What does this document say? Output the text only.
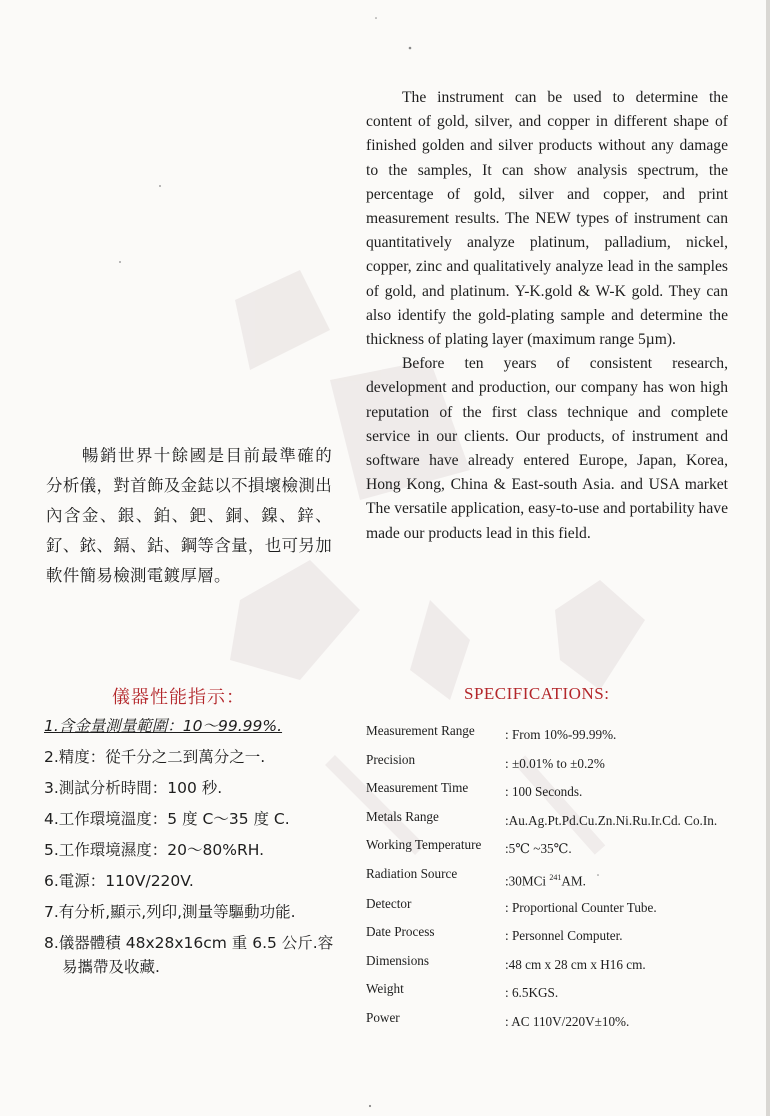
The instrument can be used to determine the content of gold, silver, and copper in different shape of finished golden and silver products without any damage to the samples, It can show analysis spectrum, the percentage of gold, silver and copper, and print measurement results. The NEW types of instrument can quantitatively analyze platinum, palladium, nickel, copper, zinc and qualitatively analyze lead in the samples of gold, and platinum. Y-K.gold & W-K gold. They can also identify the gold-plating sample and determine the thickness of plating layer (maximum range 5µm).

Before ten years of consistent research, development and production, our company has won high reputation of the first class technique and complete service in our clients. Our products, of instrument and software have already entered Europe, Japan, Korea, Hong Kong, China & East-south Asia. and USA market The versatile application, easy-to-use and portability have made our products lead in this field.

暢銷世界十餘國是目前最準確的分析儀，對首飾及金鋕以不損壞檢測出內含金、銀、鉑、鈀、銅、鎳、鋅、釕、銥、鎘、鈷、鋼等含量，也可另加軟件簡易檢測電鍍厚層。

儀器性能指示：
1.含金量測量範圍：10～99.99%.
2.精度：從千分之二到萬分之一.
3.測試分析時間：100 秒.
4.工作環境溫度：5 度 C～35 度 C.
5.工作環境濕度：20～80%RH.
6.電源：110V/220V.
7.有分析,顯示,列印,測量等驅動功能.
8.儀器體積 48x28x16cm 重 6.5 公斤.容易攜帶及收藏.
SPECIFICATIONS:
Measurement Range	: From 10%-99.99%.
Precision	: ±0.01% to ±0.2%
Measurement Time	: 100 Seconds.
Metals Range	:Au.Ag.Pt.Pd.Cu.Zn.Ni.Ru.Ir.Cd. Co.In.
Working Temperature	:5℃ ~35℃.
Radiation Source	:30MCi $^{241}$AM.
Detector	: Proportional Counter Tube.
Date Process	: Personnel Computer.
Dimensions	:48 cm x 28 cm x H16 cm.
Weight	: 6.5KGS.
Power	: AC 110V/220V±10%.
